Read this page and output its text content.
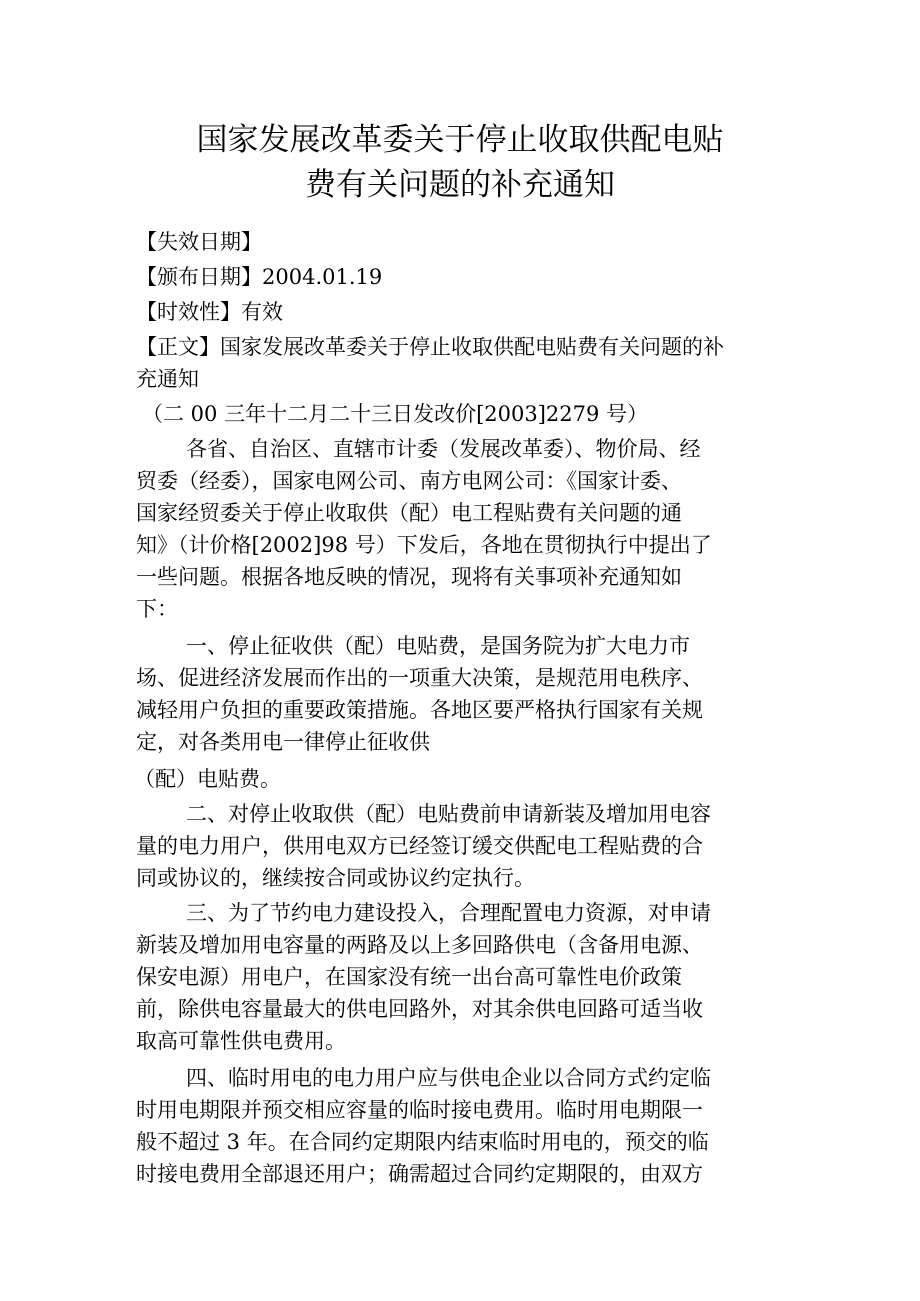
国家发展改革委关于停止收取供配电贴
费有关问题的补充通知
【失效日期】
【颁布日期】2004.01.19
【时效性】有效
【正文】国家发展改革委关于停止收取供配电贴费有关问题的补
充通知
（二 00 三年十二月二十三日发改价[2003]2279 号）
各省、自治区、直辖市计委（发展改革委）、物价局、经
贸委（经委），国家电网公司、南方电网公司：《国家计委、
国家经贸委关于停止收取供（配）电工程贴费有关问题的通
知》（计价格[2002]98 号）下发后，各地在贯彻执行中提出了
一些问题。根据各地反映的情况，现将有关事项补充通知如
下：
一、停止征收供（配）电贴费，是国务院为扩大电力市
场、促进经济发展而作出的一项重大决策，是规范用电秩序、
减轻用户负担的重要政策措施。各地区要严格执行国家有关规
定，对各类用电一律停止征收供
（配）电贴费。
二、对停止收取供（配）电贴费前申请新装及增加用电容
量的电力用户，供用电双方已经签订缓交供配电工程贴费的合
同或协议的，继续按合同或协议约定执行。
三、为了节约电力建设投入，合理配置电力资源，对申请
新装及增加用电容量的两路及以上多回路供电（含备用电源、
保安电源）用电户，在国家没有统一出台高可靠性电价政策
前，除供电容量最大的供电回路外，对其余供电回路可适当收
取高可靠性供电费用。
四、临时用电的电力用户应与供电企业以合同方式约定临
时用电期限并预交相应容量的临时接电费用。临时用电期限一
般不超过 3 年。在合同约定期限内结束临时用电的，预交的临
时接电费用全部退还用户；确需超过合同约定期限的，由双方
